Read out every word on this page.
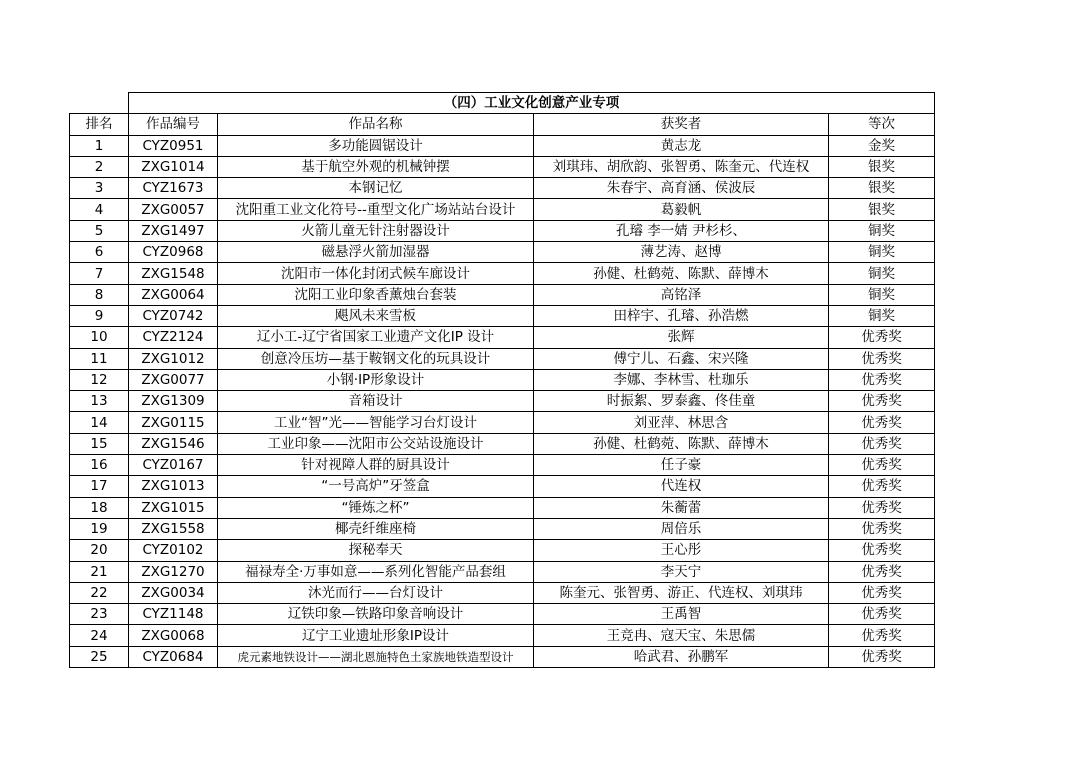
	（四）工业文化创意产业专项			
排名	作品编号	作品名称	获奖者	等次
1	CYZ0951	多功能圆锯设计	黄志龙	金奖
2	ZXG1014	基于航空外观的机械钟摆	刘琪玮、胡欣韵、张智勇、陈奎元、代连权	银奖
3	CYZ1673	本钢记忆	朱春宇、高育涵、侯波辰	银奖
4	ZXG0057	沈阳重工业文化符号--重型文化广场站站台设计	葛毅帆	银奖
5	ZXG1497	火箭儿童无针注射器设计	孔璿 李一婧 尹杉杉、	铜奖
6	CYZ0968	磁悬浮火箭加湿器	薄艺涛、赵博	铜奖
7	ZXG1548	沈阳市一体化封闭式候车廊设计	孙健、杜鹤菀、陈默、薛博木	铜奖
8	ZXG0064	沈阳工业印象香薰烛台套装	高铭泽	铜奖
9	CYZ0742	飓风未来雪板	田梓宇、孔璿、孙浩燃	铜奖
10	CYZ2124	辽小工-辽宁省国家工业遗产文化IP 设计	张辉	优秀奖
11	ZXG1012	创意冷压坊—基于鞍钢文化的玩具设计	傅宁儿、石鑫、宋兴隆	优秀奖
12	ZXG0077	小钢·IP形象设计	李娜、李林雪、杜珈乐	优秀奖
13	ZXG1309	音箱设计	时振絮、罗泰鑫、佟佳童	优秀奖
14	ZXG0115	工业“智”光——智能学习台灯设计	刘亚萍、林思含	优秀奖
15	ZXG1546	工业印象——沈阳市公交站设施设计	孙健、杜鹤菀、陈默、薛博木	优秀奖
16	CYZ0167	针对视障人群的厨具设计	任子豪	优秀奖
17	ZXG1013	“一号高炉”牙签盒	代连权	优秀奖
18	ZXG1015	“锤炼之杯”	朱蘅蕾	优秀奖
19	ZXG1558	椰壳纤维座椅	周倍乐	优秀奖
20	CYZ0102	探秘奉天	王心彤	优秀奖
21	ZXG1270	福禄寿全·万事如意——系列化智能产品套组	李天宁	优秀奖
22	ZXG0034	沐光而行——台灯设计	陈奎元、张智勇、游正、代连权、刘琪玮	优秀奖
23	CYZ1148	辽铁印象—铁路印象音响设计	王禹智	优秀奖
24	ZXG0068	辽宁工业遗址形象IP设计	王竞冉、寇天宝、朱思儒	优秀奖
25	CYZ0684	虎元素地铁设计——湖北恩施特色土家族地铁造型设计	哈武君、孙鹏军	优秀奖
